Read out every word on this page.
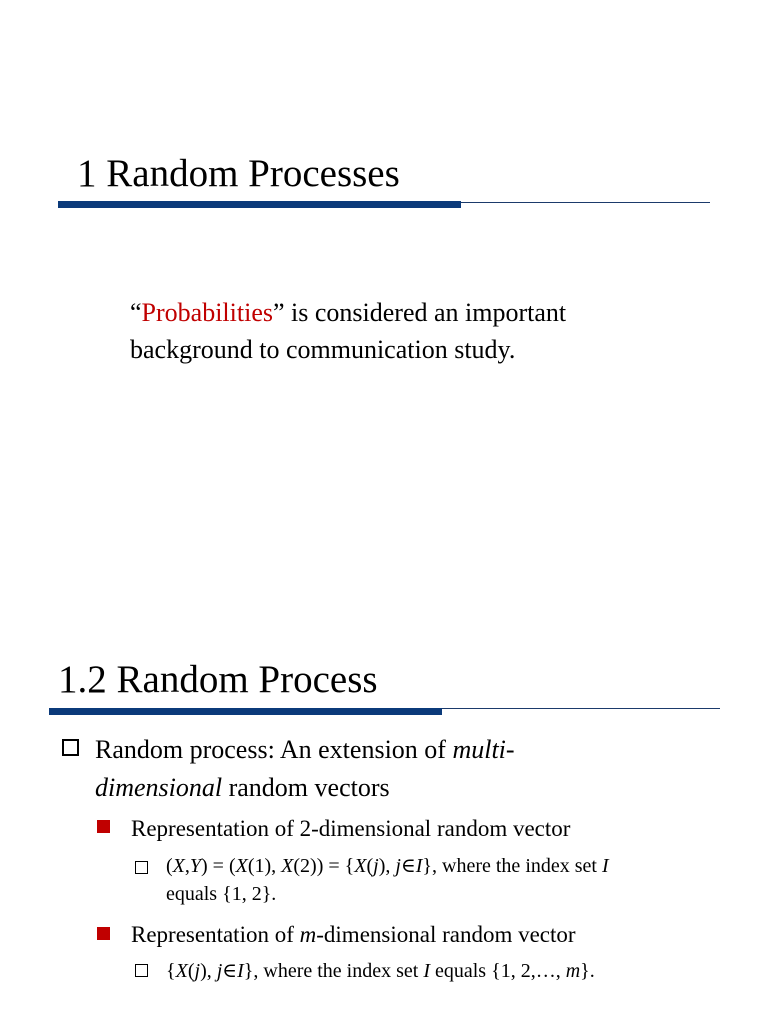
1 Random Processes
“Probabilities” is considered an important background to communication study.
1.2 Random Process
Random process: An extension of multi-
dimensional random vectors
Representation of 2-dimensional random vector
(X,Y) = (X(1), X(2)) = {X(j), j∈I}, where the index set I
equals {1, 2}.
Representation of m-dimensional random vector
{X(j), j∈I}, where the index set I equals {1, 2,…, m}.
